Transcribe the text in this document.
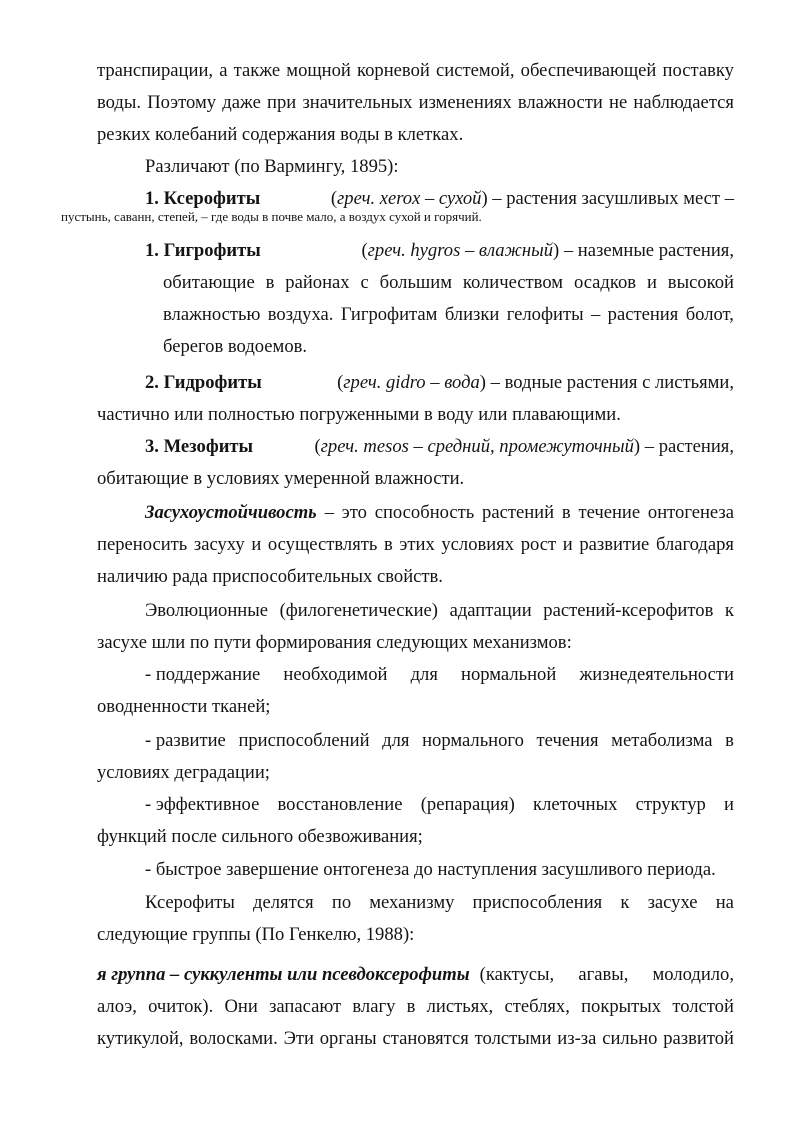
транспирации, а также мощной корневой системой, обеспечивающей поставку
воды. Поэтому даже при значительных изменениях влажности не наблюдается
резких колебаний содержания воды в клетках.
Различают (по Вармингу, 1895):
1.
Ксерофиты	( греч. xerox – сухой ) – растения засушливых мест –
пустынь, саванн, степей, – где воды в почве мало, а воздух сухой и горячий.
1.
Гигрофиты	( греч. hygros – влажный ) – наземные растения,
обитающие в районах с большим количеством осадков и высокой
влажностью воздуха. Гигрофитам близки гелофиты – растения болот,
берегов водоемов.
2.
Гидрофиты	( греч. gidro – вода ) – водные растения с листьями,
частично или полностью погруженными в воду или плавающими.
3.
Мезофиты	( греч. mesos – средний, промежуточный ) – растения,
обитающие в условиях умеренной влажности.
Засухоустойчивость – это способность растений в течение онтогенеза
переносить засуху и осуществлять в этих условиях рост и развитие благодаря
наличию рада приспособительных свойств.
Эволюционные (филогенетические) адаптации растений-ксерофитов к
засухе шли по пути формирования следующих механизмов:
- поддержание необходимой для нормальной жизнедеятельности
оводненности тканей;
- развитие приспособлений для нормального течения метаболизма в
условиях деградации;
- эффективное восстановление (репарация) клеточных структур и
функций после сильного обезвоживания;
- быстрое завершение онтогенеза до наступления засушливого периода.
Ксерофиты делятся по механизму приспособления к засухе на
следующие группы (По Генкелю, 1988):
я группа – суккуленты или псевдоксерофиты (кактусы, агавы, молодило,
алоэ, очиток). Они запасают влагу в листьях, стеблях, покрытых толстой
кутикулой, волосками. Эти органы становятся толстыми из-за сильно развитой
